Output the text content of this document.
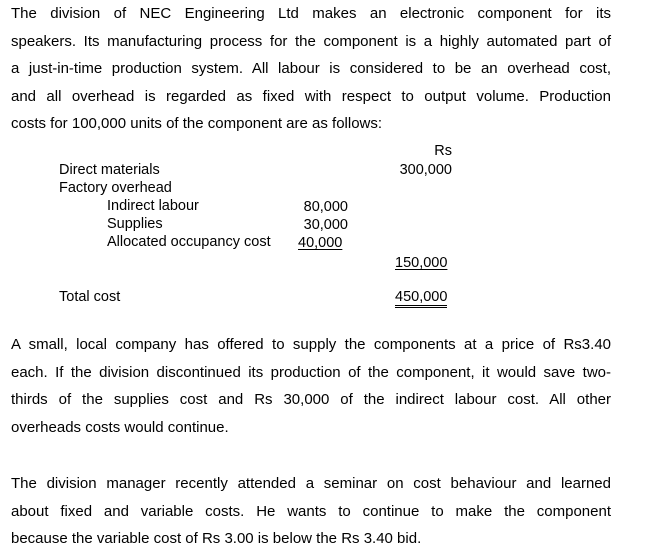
The division of NEC Engineering Ltd makes an electronic component for its
speakers. Its manufacturing process for the component is a highly automated part of
a just-in-time production system. All labour is considered to be an overhead cost,
and all overhead is regarded as fixed with respect to output volume. Production
costs for 100,000 units of the component are as follows:
Rs
Direct materials	300,000
Factory overhead
Indirect labour	80,000
Supplies	30,000
Allocated occupancy cost 40,000
150,000
Total cost	450,000
A small, local company has offered to supply the components at a price of Rs3.40
each. If the division discontinued its production of the component, it would save two-
thirds of the supplies cost and Rs 30,000 of the indirect labour cost. All other
overheads costs would continue.
The division manager recently attended a seminar on cost behaviour and learned
about fixed and variable costs. He wants to continue to make the component
because the variable cost of Rs 3.00 is below the Rs 3.40 bid.
